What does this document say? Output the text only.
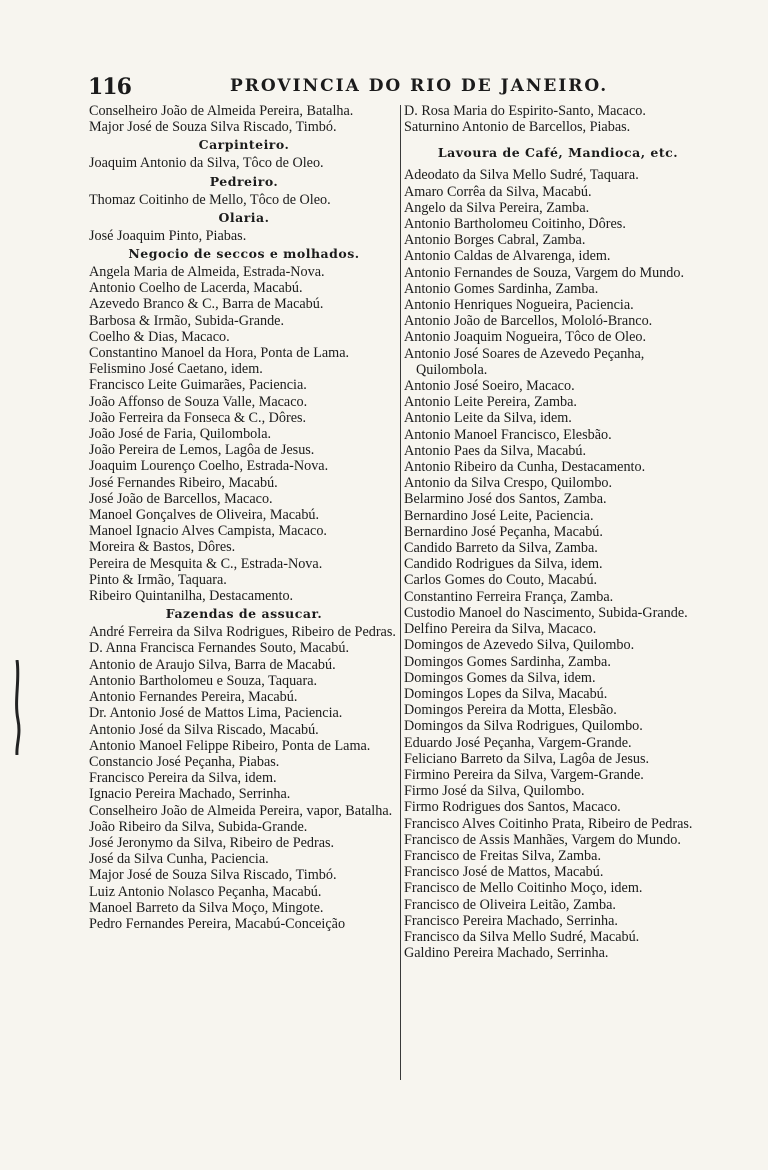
116	PROVINCIA DO RIO DE JANEIRO.

Conselheiro João de Almeida Pereira, Batalha.

Major José de Souza Silva Riscado, Timbó.

Carpinteiro.

Joaquim Antonio da Silva, Tôco de Oleo.

Pedreiro.

Thomaz Coitinho de Mello, Tôco de Oleo.

Olaria.

José Joaquim Pinto, Piabas.

Negocio de seccos e molhados.

Angela Maria de Almeida, Estrada-Nova.

Antonio Coelho de Lacerda, Macabú.

Azevedo Branco & C., Barra de Macabú.

Barbosa & Irmão, Subida-Grande.

Coelho & Dias, Macaco.

Constantino Manoel da Hora, Ponta de Lama.

Felismino José Caetano, idem.

Francisco Leite Guimarães, Paciencia.

João Affonso de Souza Valle, Macaco.

João Ferreira da Fonseca & C., Dôres.

João José de Faria, Quilombola.

João Pereira de Lemos, Lagôa de Jesus.

Joaquim Lourenço Coelho, Estrada-Nova.

José Fernandes Ribeiro, Macabú.

José João de Barcellos, Macaco.

Manoel Gonçalves de Oliveira, Macabú.

Manoel Ignacio Alves Campista, Macaco.

Moreira & Bastos, Dôres.

Pereira de Mesquita & C., Estrada-Nova.

Pinto & Irmão, Taquara.

Ribeiro Quintanilha, Destacamento.

Fazendas de assucar.

André Ferreira da Silva Rodrigues, Ribeiro de Pedras.

D. Anna Francisca Fernandes Souto, Macabú.

Antonio de Araujo Silva, Barra de Macabú.

Antonio Bartholomeu e Souza, Taquara.

Antonio Fernandes Pereira, Macabú.

Dr. Antonio José de Mattos Lima, Paciencia.

Antonio José da Silva Riscado, Macabú.

Antonio Manoel Felippe Ribeiro, Ponta de Lama.

Constancio José Peçanha, Piabas.

Francisco Pereira da Silva, idem.

Ignacio Pereira Machado, Serrinha.

Conselheiro João de Almeida Pereira, vapor, Batalha.

João Ribeiro da Silva, Subida-Grande.

José Jeronymo da Silva, Ribeiro de Pedras.

José da Silva Cunha, Paciencia.

Major José de Souza Silva Riscado, Timbó.

Luiz Antonio Nolasco Peçanha, Macabú.

Manoel Barreto da Silva Moço, Mingote.

Pedro Fernandes Pereira, Macabú-Conceição

D. Rosa Maria do Espirito-Santo, Macaco.

Saturnino Antonio de Barcellos, Piabas.

Lavoura de Café, Mandioca, etc.

Adeodato da Silva Mello Sudré, Taquara.

Amaro Corrêa da Silva, Macabú.

Angelo da Silva Pereira, Zamba.

Antonio Bartholomeu Coitinho, Dôres.

Antonio Borges Cabral, Zamba.

Antonio Caldas de Alvarenga, idem.

Antonio Fernandes de Souza, Vargem do Mundo.

Antonio Gomes Sardinha, Zamba.

Antonio Henriques Nogueira, Paciencia.

Antonio João de Barcellos, Mololó-Branco.

Antonio Joaquim Nogueira, Tôco de Oleo.

Antonio José Soares de Azevedo Peçanha, Quilombola.

Antonio José Soeiro, Macaco.

Antonio Leite Pereira, Zamba.

Antonio Leite da Silva, idem.

Antonio Manoel Francisco, Elesbão.

Antonio Paes da Silva, Macabú.

Antonio Ribeiro da Cunha, Destacamento.

Antonio da Silva Crespo, Quilombo.

Belarmino José dos Santos, Zamba.

Bernardino José Leite, Paciencia.

Bernardino José Peçanha, Macabú.

Candido Barreto da Silva, Zamba.

Candido Rodrigues da Silva, idem.

Carlos Gomes do Couto, Macabú.

Constantino Ferreira França, Zamba.

Custodio Manoel do Nascimento, Subida-Grande.

Delfino Pereira da Silva, Macaco.

Domingos de Azevedo Silva, Quilombo.

Domingos Gomes Sardinha, Zamba.

Domingos Gomes da Silva, idem.

Domingos Lopes da Silva, Macabú.

Domingos Pereira da Motta, Elesbão.

Domingos da Silva Rodrigues, Quilombo.

Eduardo José Peçanha, Vargem-Grande.

Feliciano Barreto da Silva, Lagôa de Jesus.

Firmino Pereira da Silva, Vargem-Grande.

Firmo José da Silva, Quilombo.

Firmo Rodrigues dos Santos, Macaco.

Francisco Alves Coitinho Prata, Ribeiro de Pedras.

Francisco de Assis Manhães, Vargem do Mundo.

Francisco de Freitas Silva, Zamba.

Francisco José de Mattos, Macabú.

Francisco de Mello Coitinho Moço, idem.

Francisco de Oliveira Leitão, Zamba.

Francisco Pereira Machado, Serrinha.

Francisco da Silva Mello Sudré, Macabú.

Galdino Pereira Machado, Serrinha.
